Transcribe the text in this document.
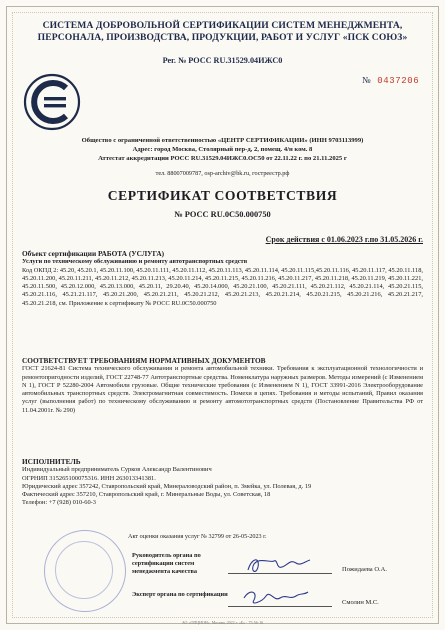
СИСТЕМА ДОБРОВОЛЬНОЙ СЕРТИФИКАЦИИ СИСТЕМ МЕНЕДЖМЕНТА, ПЕРСОНАЛА, ПРОИЗВОДСТВА, ПРОДУКЦИИ, РАБОТ И УСЛУГ «ПСК СОЮЗ»
Рег. № РОСС RU.31529.04ИЖС0
№ 0437206
Общество с ограниченной ответственностью «ЦЕНТР СЕРТИФИКАЦИИ» (ИНН 9703113999)
Адрес: город Москва, Столярный пер-д, 2, помещ. 4/н ком. 8
Аттестат аккредитации РОСС RU.31529.04ИЖС0.ОС50 от 22.11.22 г. по 21.11.2025 г
тел. 88007009787, osp-archiv@bk.ru, гостреестр.рф
СЕРТИФИКАТ СООТВЕТСТВИЯ
№ РОСС RU.0С50.000750
Срок действия с 01.06.2023 г.по 31.05.2026 г.
Объект сертификации РАБОТА (УСЛУГА)
Услуги по техническому обслуживанию и ремонту автотранспортных средств
Код ОКПД 2: 45.20, 45.20.1, 45.20.11.100, 45.20.11.111, 45.20.11.112, 45.20.11.113, 45.20.11.114, 45.20.11.115,45.20.11.116, 45.20.11.117, 45.20.11.118, 45.20.11.200, 45.20.11.211, 45.20.11.212, 45.20.11.213, 45.20.11.214, 45.20.11.215, 45.20.11.216, 45.20.11.217, 45.20.11.218, 45.20.11.219, 45.20.11.221, 45.20.11.500, 45.20.12.000, 45.20.13.000, 45.20.11, 29.20.40, 45.20.14.000, 45.20.21.100, 45.20.21.111, 45.20.21.112, 45.20.21.114, 45.20.21.115, 45.20.21.116, 45.21.21.117, 45.20.21.200, 45.20.21.211, 45.20.21.212, 45.20.21.213, 45.20.21.214, 45.20.21.215, 45.20.21.216, 45.20.21.217, 45.20.21.218, см. Приложение к сертификату № РОСС RU.0С50.000750
СООТВЕТСТВУЕТ ТРЕБОВАНИЯМ НОРМАТИВНЫХ ДОКУМЕНТОВ
ГОСТ 21624-81 Система технического обслуживания и ремонта автомобильной техники. Требования к эксплуатационной технологичности и ремонтопригодности изделий, ГОСТ 22748-77 Автотранспортные средства. Номенклатура наружных размеров. Методы измерений (с Изменением N 1), ГОСТ Р 52280-2004 Автомобили грузовые. Общие технические требования (с Изменением N 1), ГОСТ 33991-2016 Электрооборудование автомобильных транспортных средств. Электромагнитная совместимость. Помехи в цепях. Требования и методы испытаний, Правил оказания услуг (выполнения работ) по техническому обслуживанию и ремонту автомототранспортных средств (Постановление Правительства РФ от 11.04.2001г. № 290)
ИСПОЛНИТЕЛЬ
Индивидуальный предприниматель Сурков Александр Валентинович
ОГРНИП 315265100075316. ИНН 263013341381.
Юридический адрес 357242, Ставропольский край, Минераловодский район, п. Змейка, ул. Полевая, д. 19
Фактический адрес 357210, Ставропольский край, г. Минеральные Воды, ул. Советская, 18
Телефон: +7 (928) 010-60-3
Акт оценки оказания услуг № 32799 от 26-05-2023 г.
Руководитель органа по сертификации систем менеджмента качества	Пожидаева О.А.
Эксперт органа по сертификации
Смолин М.С.
АО «ОПЦИОН», Москва, 2022 г. «Б» · 75·56·16
